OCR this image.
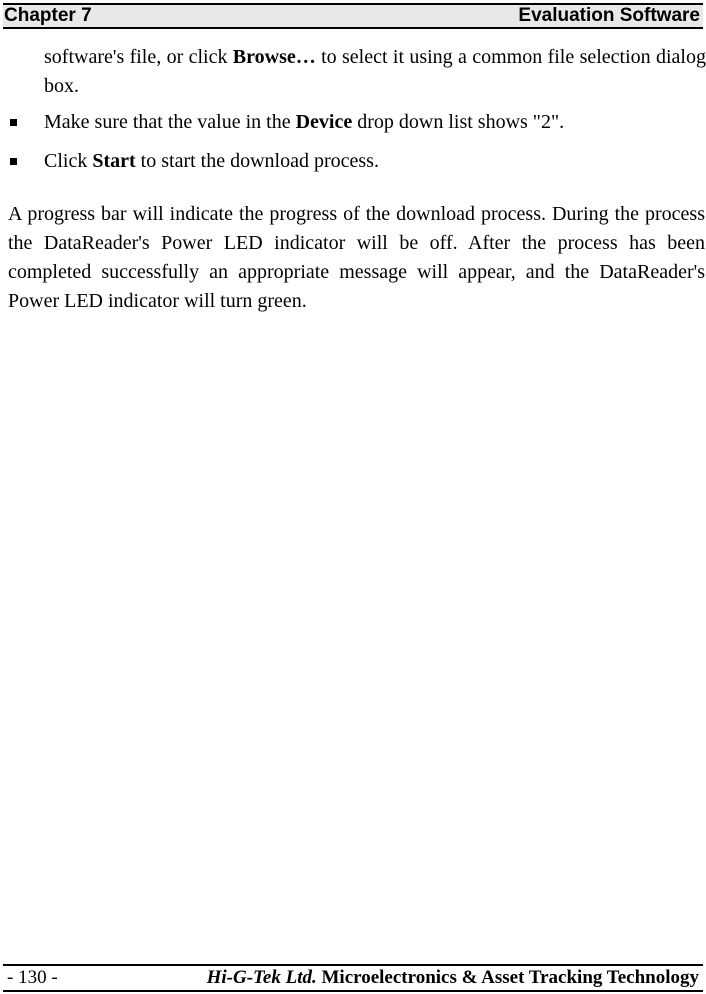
Chapter 7	Evaluation Software
software's file, or click Browse… to select it using a common file selection dialog box.
Make sure that the value in the Device drop down list shows "2".
Click Start to start the download process.
A progress bar will indicate the progress of the download process. During the process the DataReader's Power LED indicator will be off. After the process has been completed successfully an appropriate message will appear, and the DataReader's Power LED indicator will turn green.
- 130 -	Hi-G-Tek Ltd. Microelectronics & Asset Tracking Technology
